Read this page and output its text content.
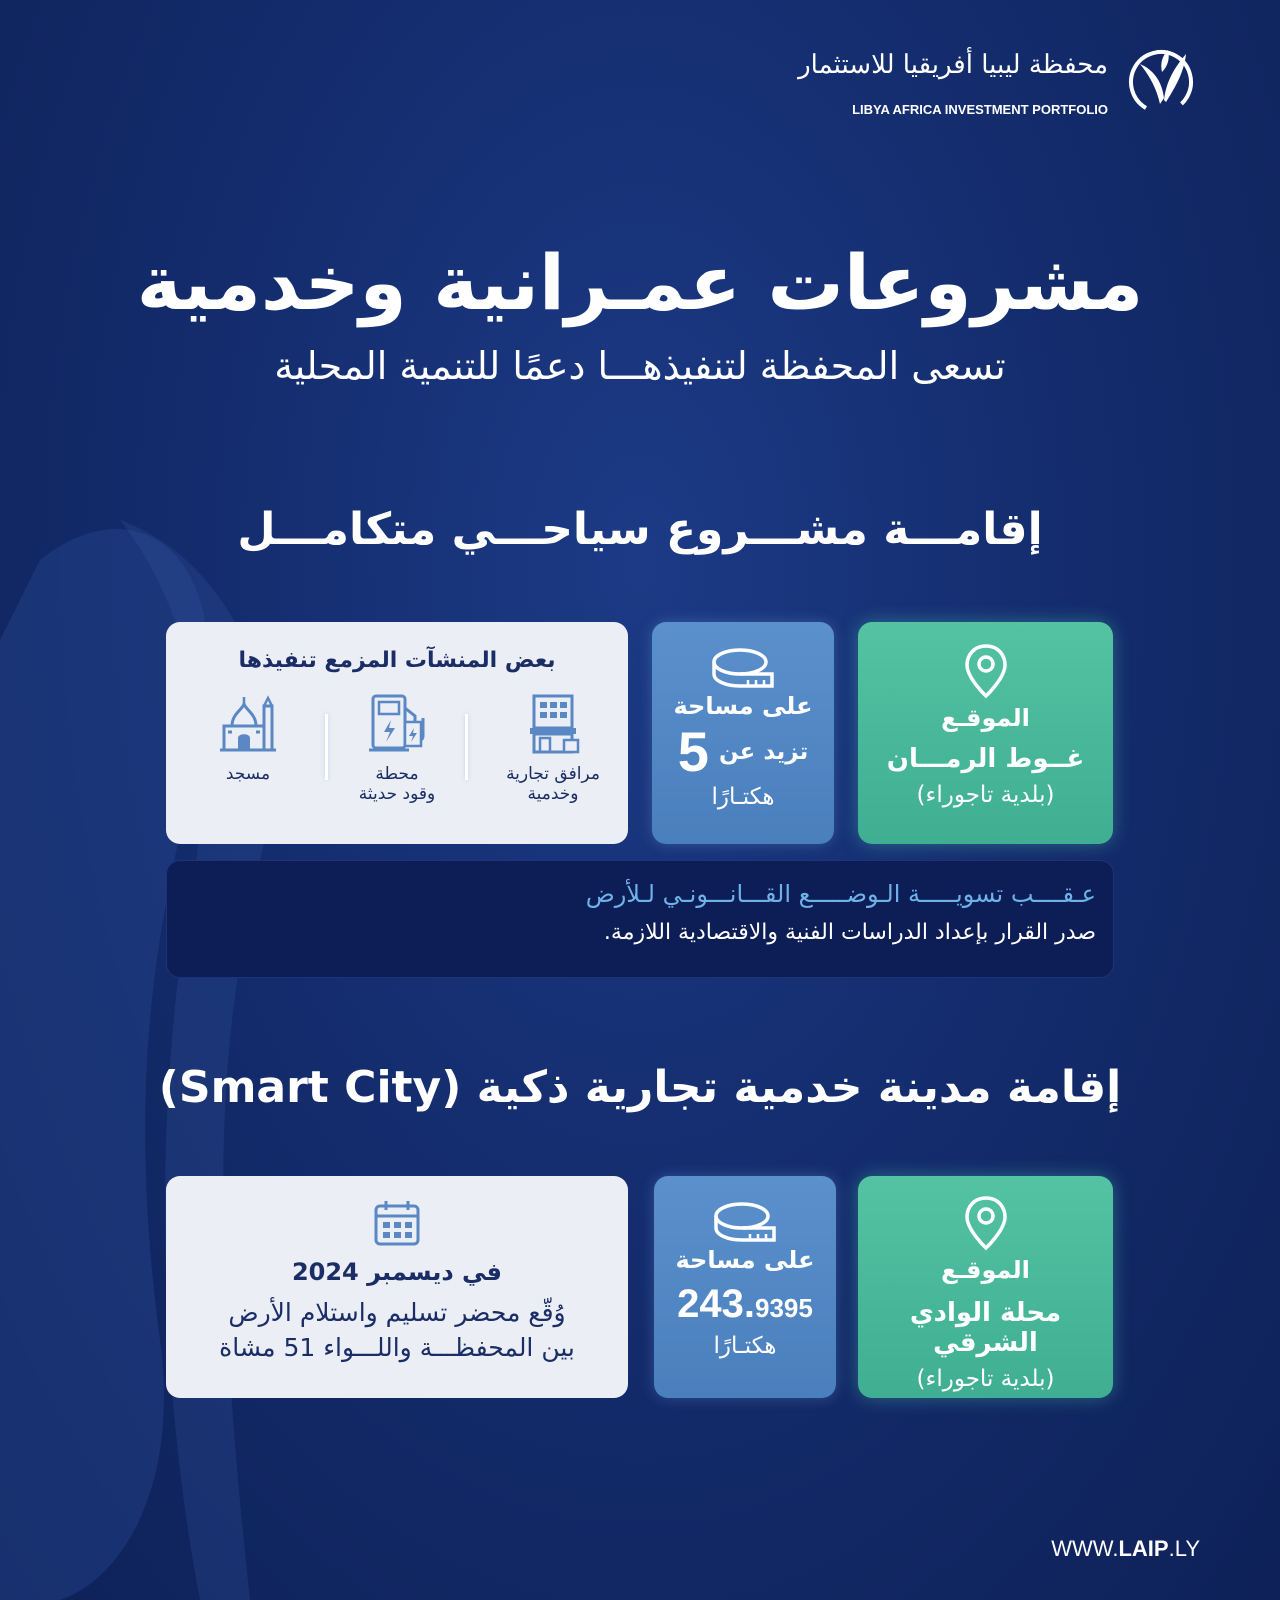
محفظة ليبيا أفريقيا للاستثمار
LIBYA AFRICA INVESTMENT PORTFOLIO
مشروعات عمـرانية وخدمية
تسعى المحفظة لتنفيذهـــا دعمًا للتنمية المحلية
إقامـــة مشـــروع سياحـــي متكامـــل
الموقـع
غــوط الرمـــان
(بلدية تاجوراء)
على مساحة
تزيد عن
5
هكتـارًا
بعض المنشآت المزمع تنفيذها
مرافق تجارية
وخدمية
محطة
وقود حديثة
مسجد
عـقــــب تسويـــــة الـوضـــــع القـــانـــونـي لـلأرض
صدر القرار بإعداد الدراسات الفنية والاقتصادية اللازمة.
إقامة مدينة خدمية تجارية ذكية (Smart City)
الموقـع
محلة الوادي الشرقي
(بلدية تاجوراء)
على مساحة
243.9395
هكتـارًا
في ديسمبر 2024
وُقّع محضر تسليم واستلام الأرض
بين المحفظـــة واللـــواء 51 مشاة
WWW.LAIP.LY
